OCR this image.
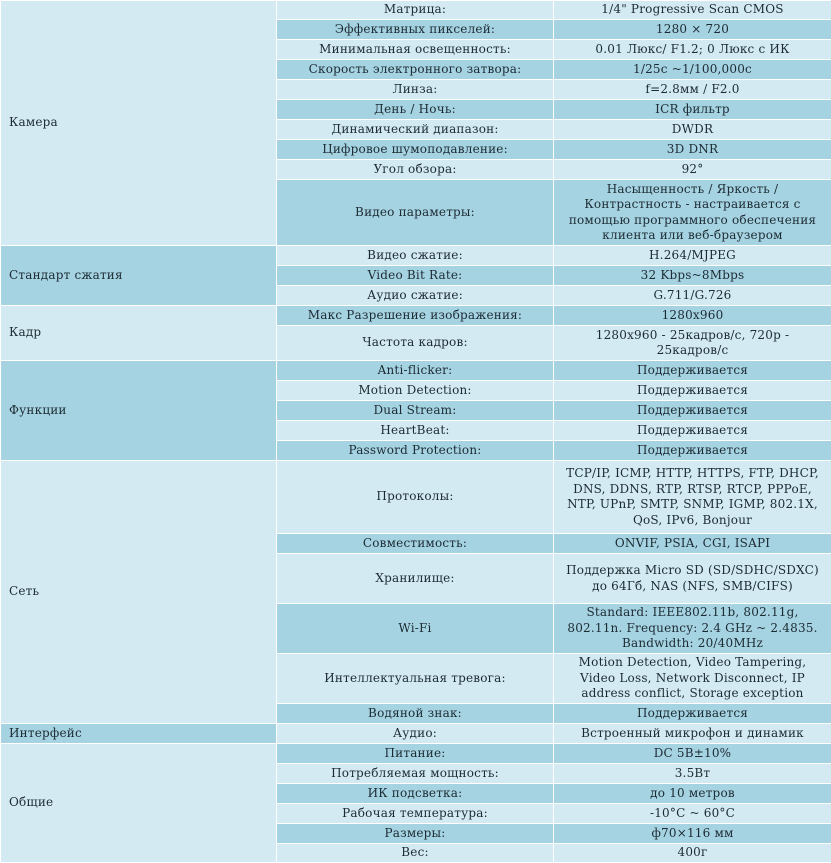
Камера	Матрица:	1/4" Progressive Scan CMOS
	Эффективных пикселей:	1280 × 720
	Минимальная освещенность:	0.01 Люкс/ F1.2; 0 Люкс с ИК
	Скорость электронного затвора:	1/25с ~1/100,000с
	Линза:	f=2.8мм / F2.0
	День / Ночь:	ICR фильтр
	Динамический диапазон:	DWDR
	Цифровое шумоподавление:	3D DNR
	Угол обзора:	92°
	Видео параметры:	Насыщенность / Яркость / Контрастность - настраивается с помощью программного обеспечения клиента или веб-браузером
Стандарт сжатия	Видео сжатие:	H.264/MJPEG
	Video Bit Rate:	32 Kbps~8Mbps
	Аудио сжатие:	G.711/G.726
Кадр	Макс Разрешение изображения:	1280x960
	Частота кадров:	1280x960 - 25кадров/с, 720p - 25кадров/с
Функции	Anti-flicker:	Поддерживается
	Motion Detection:	Поддерживается
	Dual Stream:	Поддерживается
	HeartBeat:	Поддерживается
	Password Protection:	Поддерживается
Сеть	Протоколы:	TCP/IP, ICMP, HTTP, HTTPS, FTP, DHCP, DNS, DDNS, RTP, RTSP, RTCP, PPPoE, NTP, UPnP, SMTP, SNMP, IGMP, 802.1X, QoS, IPv6, Bonjour
	Совместимость:	ONVIF, PSIA, CGI, ISAPI
	Хранилище:	Поддержка Micro SD (SD/SDHC/SDXC) до 64Гб, NAS (NFS, SMB/CIFS)
	Wi-Fi	Standard: IEEE802.11b, 802.11g, 802.11n. Frequency: 2.4 GHz ~ 2.4835. Bandwidth: 20/40MHz
	Интеллектуальная тревога:	Motion Detection, Video Tampering, Video Loss, Network Disconnect, IP address conflict, Storage exception
	Водяной знак:	Поддерживается
Интерфейс	Аудио:	Встроенный микрофон и динамик
Общие	Питание:	DC 5В±10%
	Потребляемая мощность:	3.5Вт
	ИК подсветка:	до 10 метров
	Рабочая температура:	-10°C ~ 60°C
	Размеры:	ф70×116 мм
	Вес:	400г
